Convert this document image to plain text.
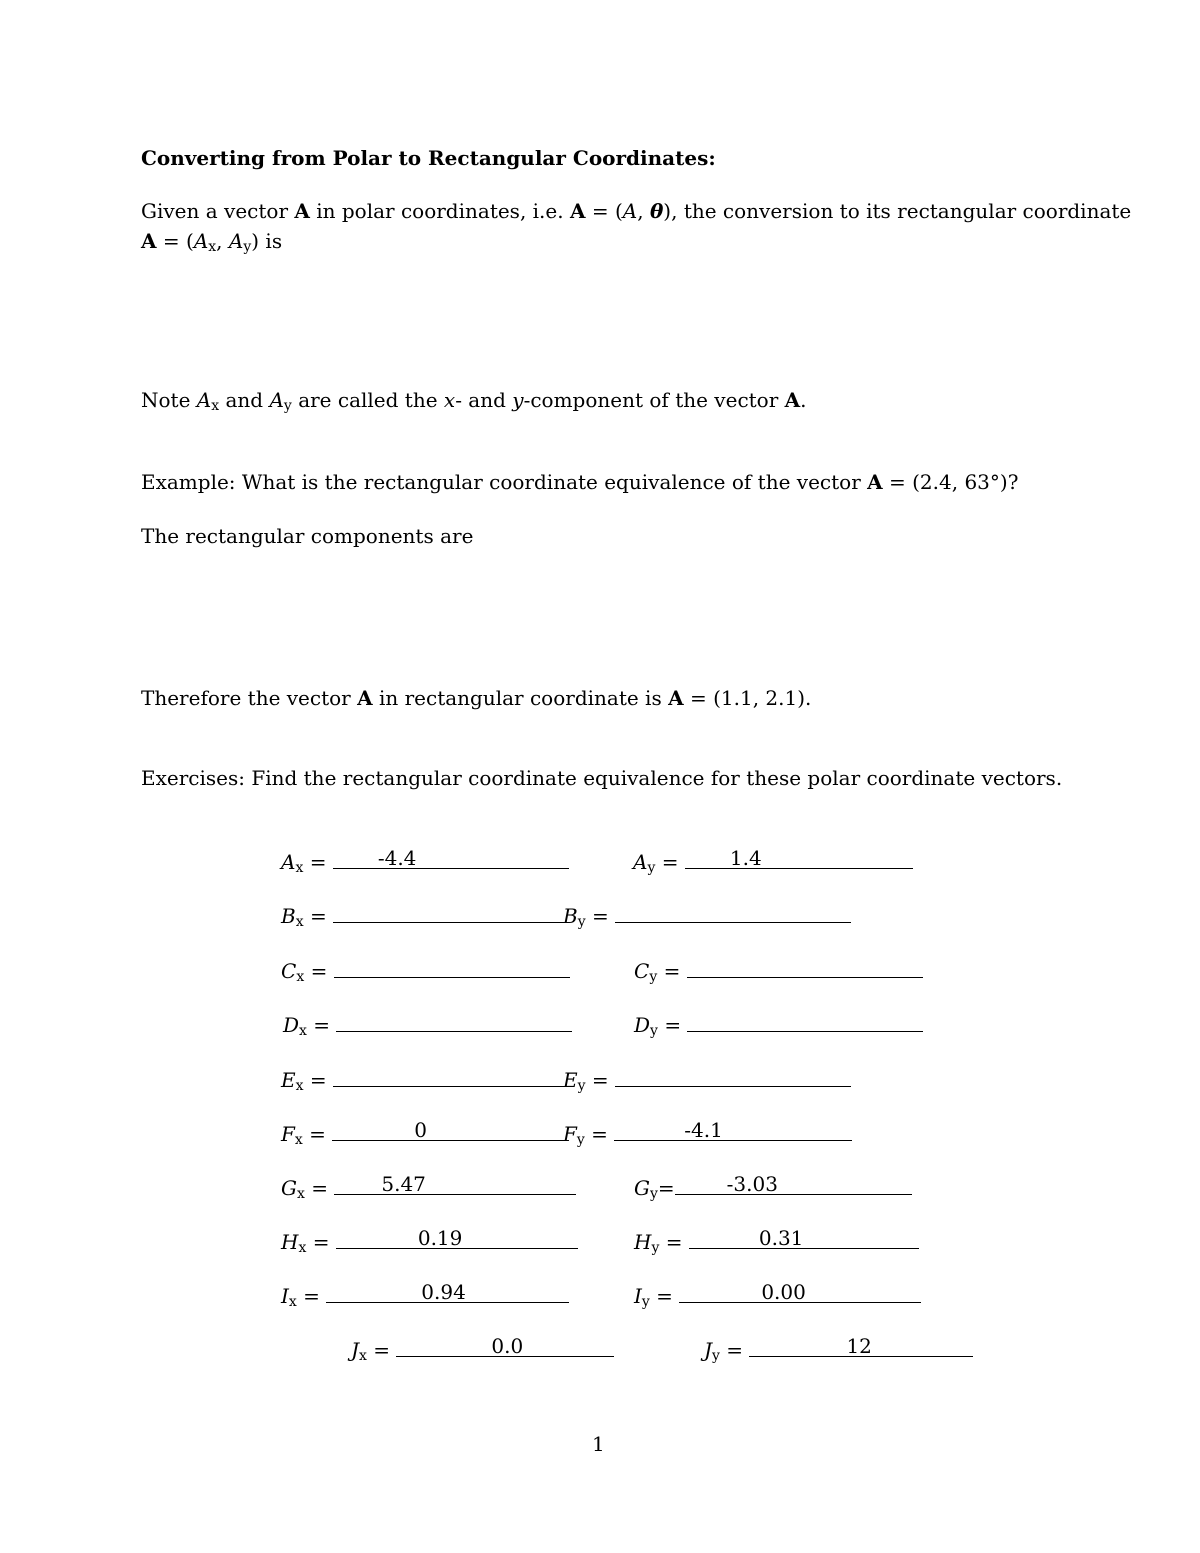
Converting from Polar to Rectangular Coordinates:
Given a vector A in polar coordinates, i.e. A = (A, θ), the conversion to its rectangular coordinate
$A = (A_x$, $A_y$) is
Note $A_x$ and $A_y$ are called the x- and y-component of the vector A.
Example: What is the rectangular coordinate equivalence of the vector A = (2.4, 63°)?
The rectangular components are
Therefore the vector A in rectangular coordinate is A = (1.1, 2.1).
Exercises: Find the rectangular coordinate equivalence for these polar coordinate vectors.
$A_x = -4.4$	$A_y = 1.4$
$B_x$ =	$B_y$ =
$C_x$ =	$C_y$ =
$D_x$ =	$D_y$ =
$E_x$ =	$E_y$ =
$F_x$ =	0	$F_y$ =	-4.1
$G_x = 5.47$	$G_y=$	-3.03
$H_x$ =	0.19	$H_y$ =	0.31
$I_x$ =	0.94	$I_y$ =	0.00
$J_x$ =	0.0	$J_y$ =	12
1
